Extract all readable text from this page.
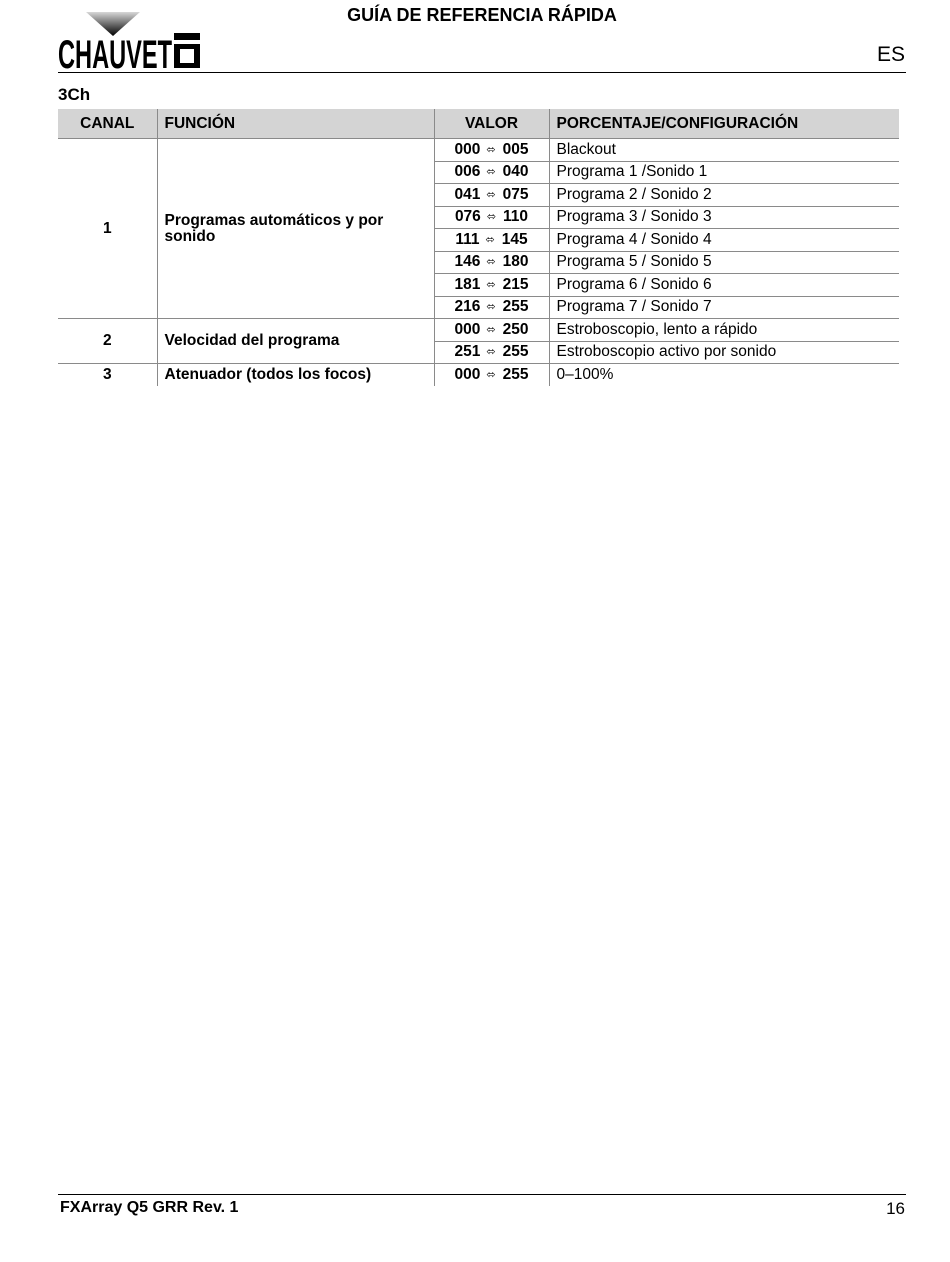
CHAUVET
GUÍA DE REFERENCIA RÁPIDA
ES
3Ch
CANAL	FUNCIÓN	VALOR	PORCENTAJE/CONFIGURACIÓN
1	Programas automáticos y por sonido	000 ⬄ 005	Blackout
		006 ⬄ 040	Programa 1 /Sonido 1
		041 ⬄ 075	Programa 2 / Sonido 2
		076 ⬄ 110	Programa 3 / Sonido 3
		111 ⬄ 145	Programa 4 / Sonido 4
		146 ⬄ 180	Programa 5 / Sonido 5
		181 ⬄ 215	Programa 6 / Sonido 6
		216 ⬄ 255	Programa 7 / Sonido 7
2	Velocidad del programa	000 ⬄ 250	Estroboscopio, lento a rápido
		251 ⬄ 255	Estroboscopio activo por sonido
3	Atenuador (todos los focos)	000 ⬄ 255	0–100%
FXArray Q5 GRR Rev. 1	16
